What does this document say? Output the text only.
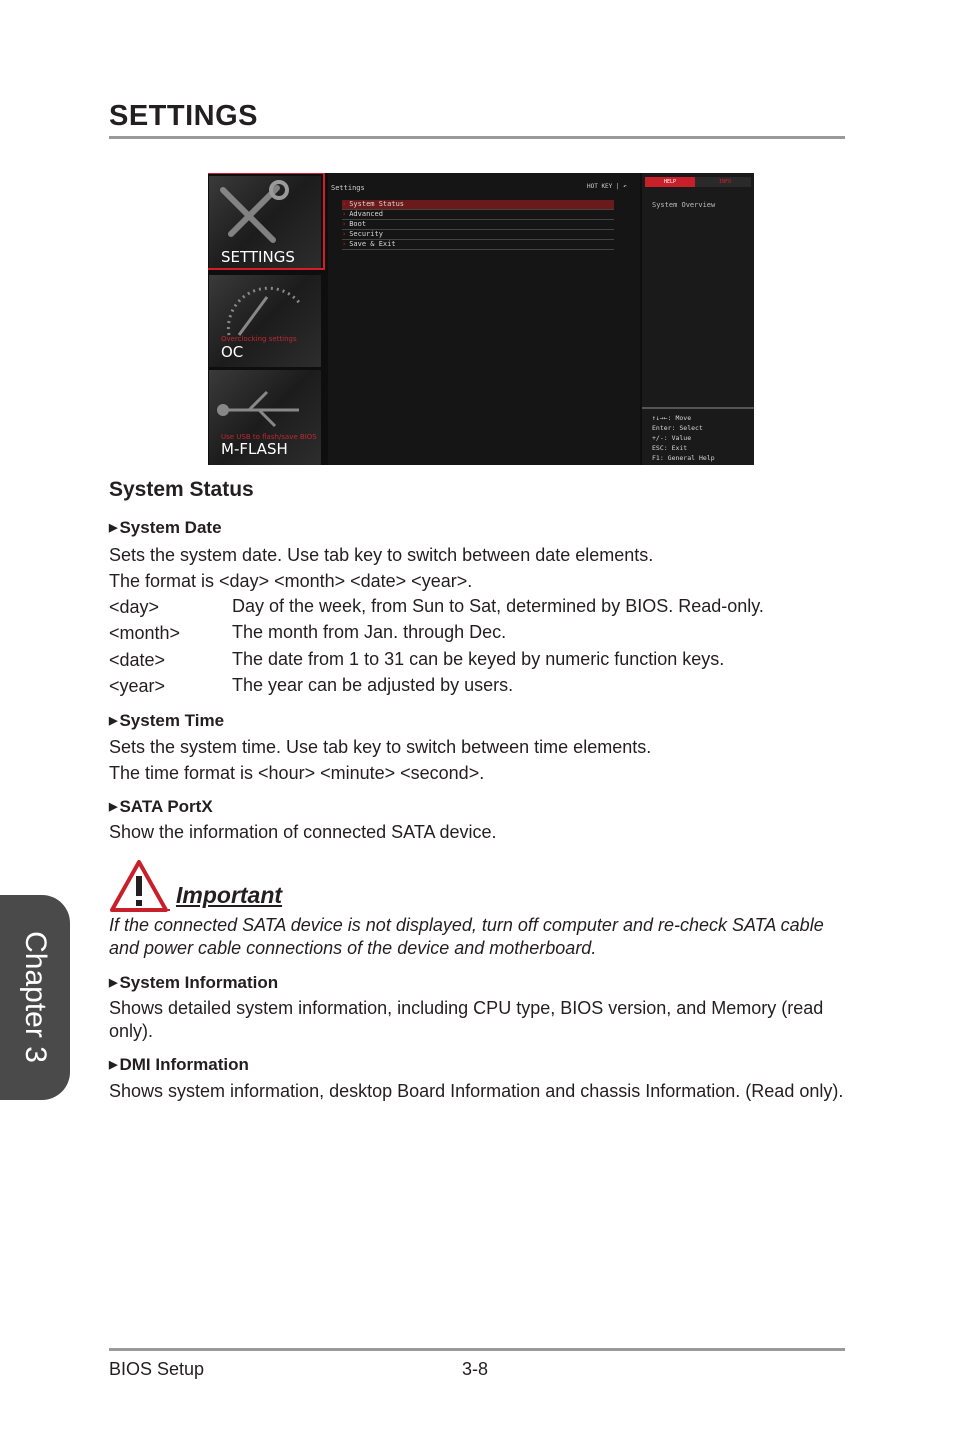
SETTINGS
SETTINGS
Overclocking settings
OC
Use USB to flash/save BIOS
M-FLASH
Settings	HOT KEY | ↶
› System Status
› Advanced
› Boot
› Security
› Save & Exit
HELP	INFO
System Overview
↑↓→←: Move
Enter: Select
+/-: Value
ESC: Exit
F1: General Help
System Status
▶ System Date
Sets the system date. Use tab key to switch between date elements.
The format is <day> <month> <date> <year>.
<day>	Day of the week, from Sun to Sat, determined by BIOS. Read-only.
<month>	The month from Jan. through Dec.
<date>	The date from 1 to 31 can be keyed by numeric function keys.
<year>	The year can be adjusted by users.
▶ System Time
Sets the system time. Use tab key to switch between time elements.
The time format is <hour> <minute> <second>.
▶ SATA PortX
Show the information of connected SATA device.
Important
If the connected SATA device is not displayed, turn off computer and re-check SATA cable and power cable connections of the device and motherboard.
▶ System Information
Shows detailed system information, including CPU type, BIOS version, and Memory (read only).
▶ DMI Information
Shows system information, desktop Board Information and chassis Information. (Read only).
Chapter 3
BIOS Setup	3-8
